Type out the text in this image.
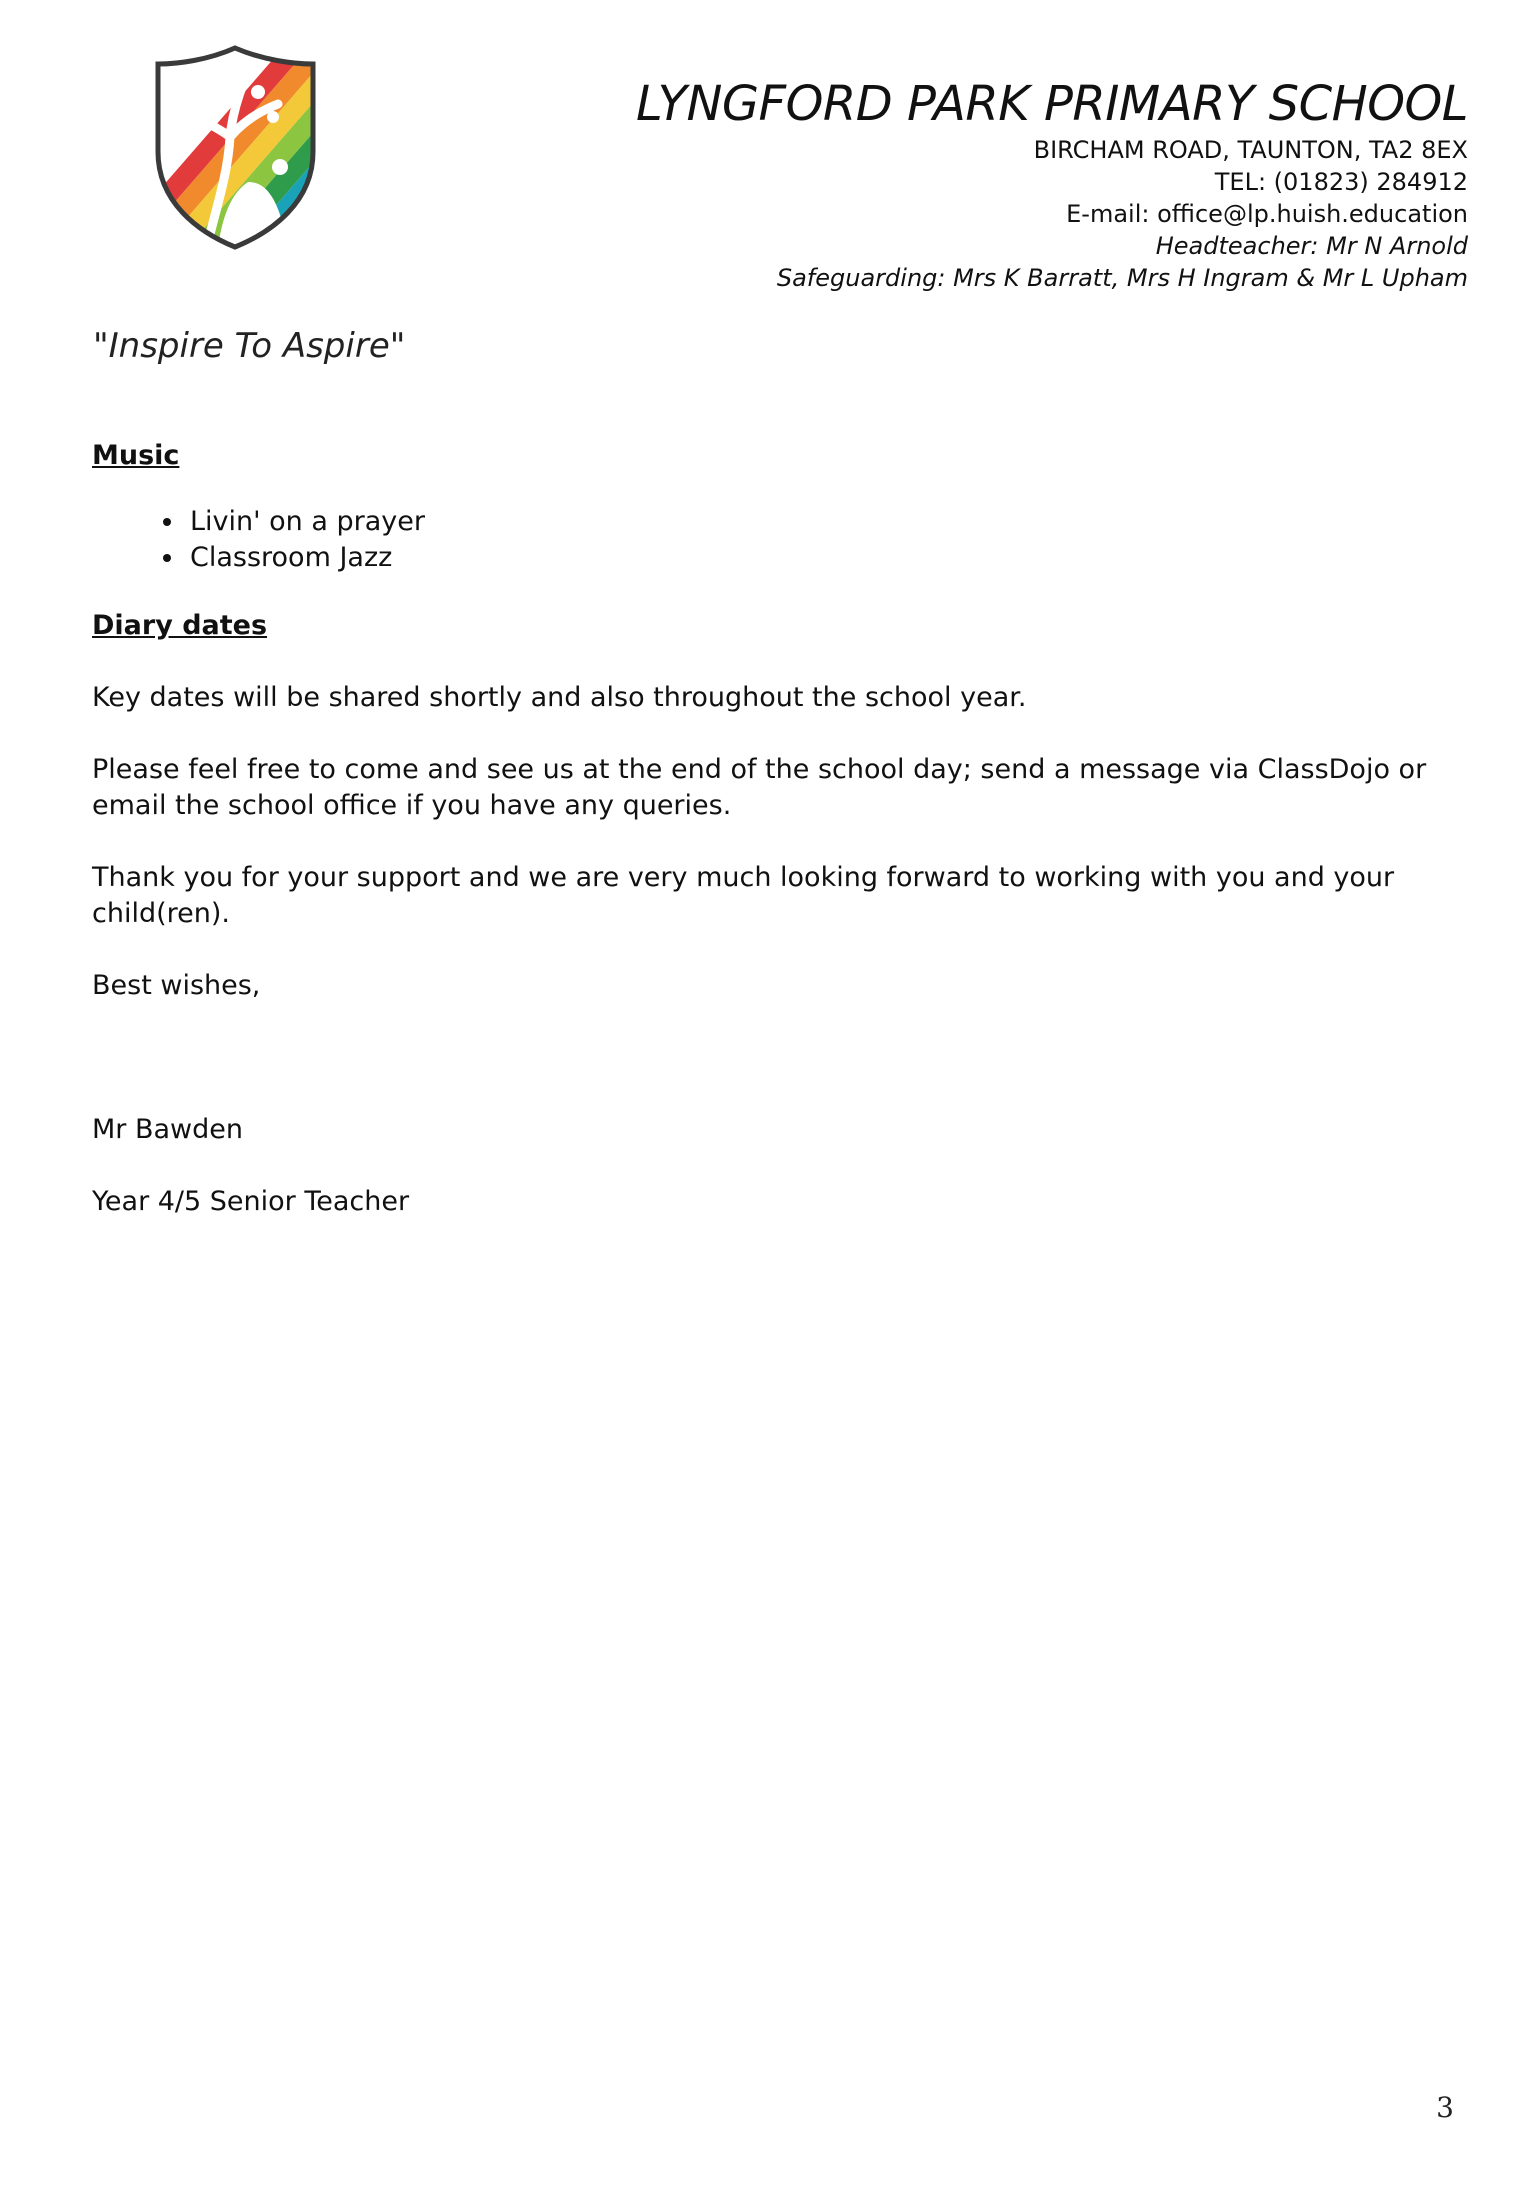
LYNGFORD PARK PRIMARY SCHOOL

BIRCHAM ROAD, TAUNTON, TA2 8EX

TEL: (01823) 284912

E-mail: office@lp.huish.education

Headteacher: Mr N Arnold

Safeguarding: Mrs K Barratt, Mrs H Ingram & Mr L Upham

"Inspire To Aspire"

Music

• Livin' on a prayer
• Classroom Jazz

Diary dates

Key dates will be shared shortly and also throughout the school year.

Please feel free to come and see us at the end of the school day; send a message via ClassDojo or email the school office if you have any queries.

Thank you for your support and we are very much looking forward to working with you and your child(ren).

Best wishes,

Mr Bawden

Year 4/5 Senior Teacher

3
